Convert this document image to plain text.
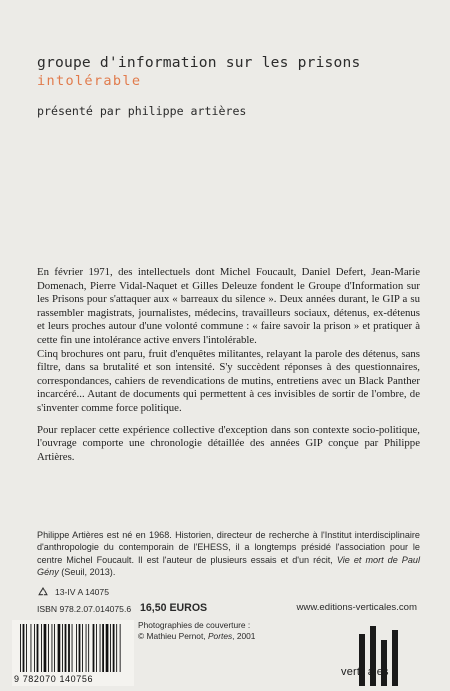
groupe d'information sur les prisons

intolérable

présenté par philippe artières

En février 1971, des intellectuels dont Michel Foucault, Daniel Defert, Jean-Marie Domenach, Pierre Vidal-Naquet et Gilles Deleuze fondent le Groupe d'Information sur les Prisons pour s'attaquer aux « barreaux du silence ». Deux années durant, le GIP a su rassembler magistrats, journalistes, médecins, travailleurs sociaux, détenus, ex-détenus et leurs proches autour d'une volonté commune : « faire savoir la prison » et pratiquer à cette fin une intolérance active envers l'intolérable.

Cinq brochures ont paru, fruit d'enquêtes militantes, relayant la parole des détenus, sans filtre, dans sa brutalité et son intensité. S'y succèdent réponses à des questionnaires, correspondances, cahiers de revendications de mutins, entretiens avec un Black Panther incarcéré... Autant de documents qui permettent à ces invisibles de sortir de l'ombre, de s'inventer comme force politique.

Pour replacer cette expérience collective d'exception dans son contexte socio-politique, l'ouvrage comporte une chronologie détaillée des années GIP conçue par Philippe Artières.

Philippe Artières est né en 1968. Historien, directeur de recherche à l'Institut interdisciplinaire d'anthropologie du contemporain de l'EHESS, il a longtemps présidé l'association pour le centre Michel Foucault. Il est l'auteur de plusieurs essais et d'un récit, Vie et mort de Paul Gény (Seuil, 2013).

13-IV A 14075
ISBN 978.2.07.014075.6 16,50 EUROS	www.editions-verticales.com
Photographies de couverture :
© Mathieu Pernot, Portes, 2001
9 782070 140756
verti ales
